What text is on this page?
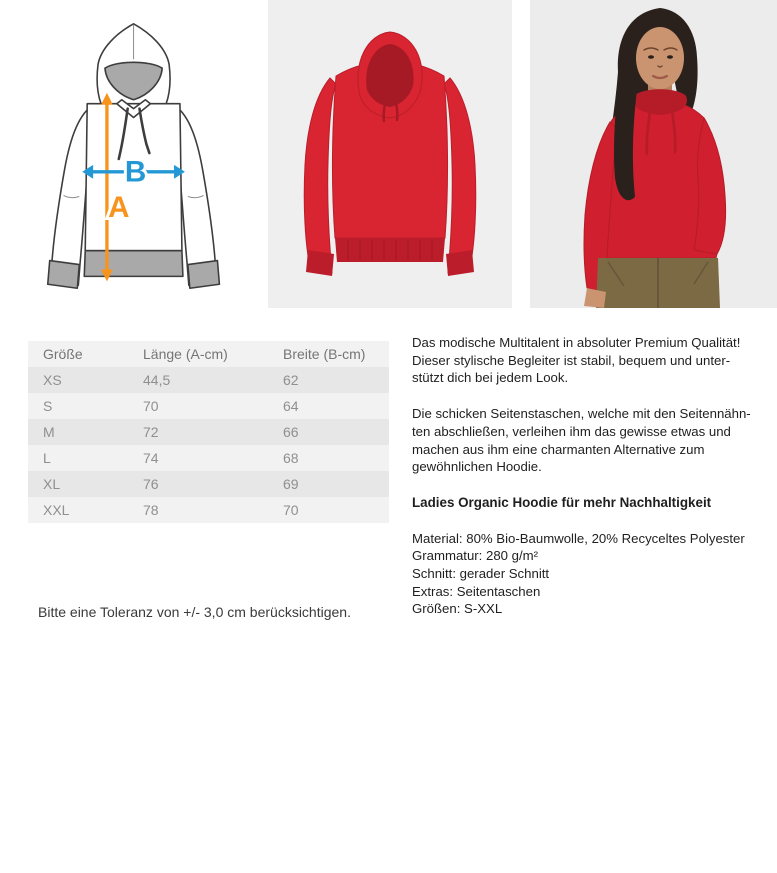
B
A
Größe	Länge (A-cm)	Breite (B-cm)
XS	44,5	62
S	70	64
M	72	66
L	74	68
XL	76	69
XXL	78	70
Bitte eine Toleranz von +/- 3,0 cm berücksichtigen.
Das modische Multitalent in absoluter Premium Qualität!
Dieser stylische Begleiter ist stabil, bequem und unter-
stützt dich bei jedem Look.
Die schicken Seitenstaschen, welche mit den Seitennähn-
ten abschließen, verleihen ihm das gewisse etwas und
machen aus ihm eine charmanten Alternative zum
gewöhnlichen Hoodie.
Ladies Organic Hoodie für mehr Nachhaltigkeit
Material: 80% Bio-Baumwolle, 20% Recyceltes Polyester
Grammatur: 280 g/m²
Schnitt: gerader Schnitt
Extras: Seitentaschen
Größen: S-XXL
